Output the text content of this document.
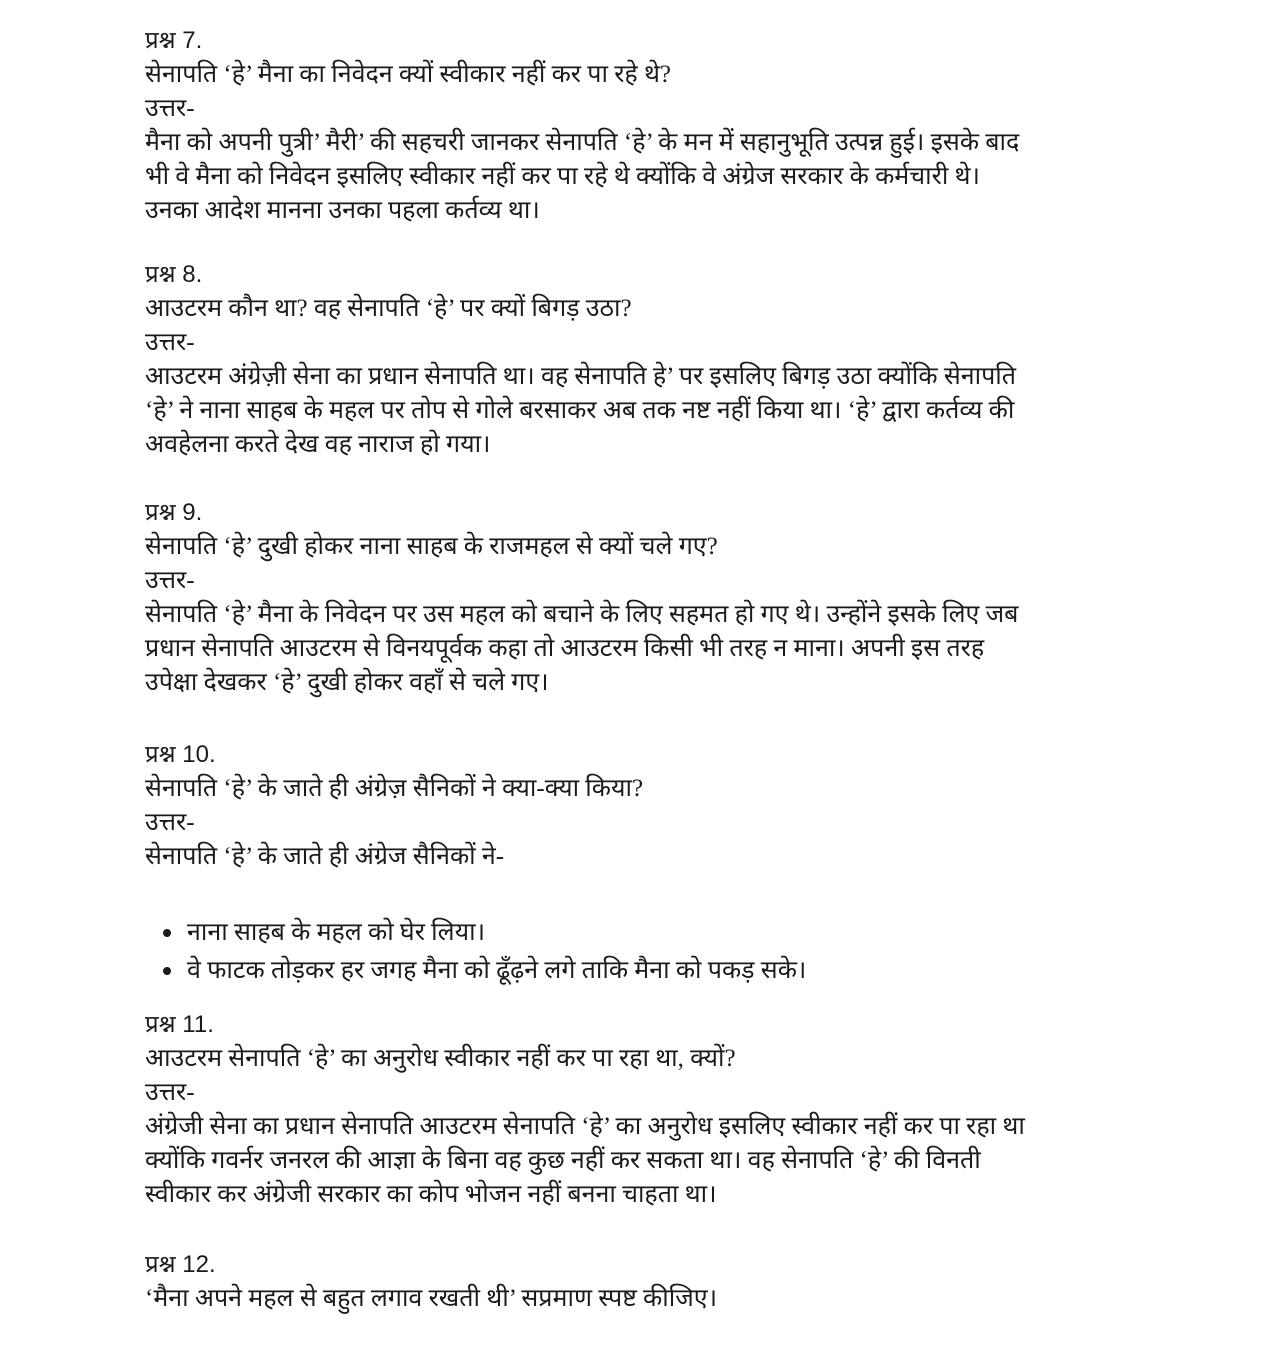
प्रश्न 7.
सेनापति ‘हे’ मैना का निवेदन क्यों स्वीकार नहीं कर पा रहे थे?
उत्तर-
मैना को अपनी पुत्री’ मैरी’ की सहचरी जानकर सेनापति ‘हे’ के मन में सहानुभूति उत्पन्न हुई। इसके बाद
भी वे मैना को निवेदन इसलिए स्वीकार नहीं कर पा रहे थे क्योंकि वे अंग्रेज सरकार के कर्मचारी थे।
उनका आदेश मानना उनका पहला कर्तव्य था।
प्रश्न 8.
आउटरम कौन था? वह सेनापति ‘हे’ पर क्यों बिगड़ उठा?
उत्तर-
आउटरम अंग्रेज़ी सेना का प्रधान सेनापति था। वह सेनापति हे’ पर इसलिए बिगड़ उठा क्योंकि सेनापति
‘हे’ ने नाना साहब के महल पर तोप से गोले बरसाकर अब तक नष्ट नहीं किया था। ‘हे’ द्वारा कर्तव्य की
अवहेलना करते देख वह नाराज हो गया।
प्रश्न 9.
सेनापति ‘हे’ दुखी होकर नाना साहब के राजमहल से क्यों चले गए?
उत्तर-
सेनापति ‘हे’ मैना के निवेदन पर उस महल को बचाने के लिए सहमत हो गए थे। उन्होंने इसके लिए जब
प्रधान सेनापति आउटरम से विनयपूर्वक कहा तो आउटरम किसी भी तरह न माना। अपनी इस तरह
उपेक्षा देखकर ‘हे’ दुखी होकर वहाँ से चले गए।
प्रश्न 10.
सेनापति ‘हे’ के जाते ही अंग्रेज़ सैनिकों ने क्या-क्या किया?
उत्तर-
सेनापति ‘हे’ के जाते ही अंग्रेज सैनिकों ने-
नाना साहब के महल को घेर लिया।
वे फाटक तोड़कर हर जगह मैना को ढूँढ़ने लगे ताकि मैना को पकड़ सके।
प्रश्न 11.
आउटरम सेनापति ‘हे’ का अनुरोध स्वीकार नहीं कर पा रहा था, क्यों?
उत्तर-
अंग्रेजी सेना का प्रधान सेनापति आउटरम सेनापति ‘हे’ का अनुरोध इसलिए स्वीकार नहीं कर पा रहा था
क्योंकि गवर्नर जनरल की आज्ञा के बिना वह कुछ नहीं कर सकता था। वह सेनापति ‘हे’ की विनती
स्वीकार कर अंग्रेजी सरकार का कोप भोजन नहीं बनना चाहता था।
प्रश्न 12.
‘मैना अपने महल से बहुत लगाव रखती थी’ सप्रमाण स्पष्ट कीजिए।
